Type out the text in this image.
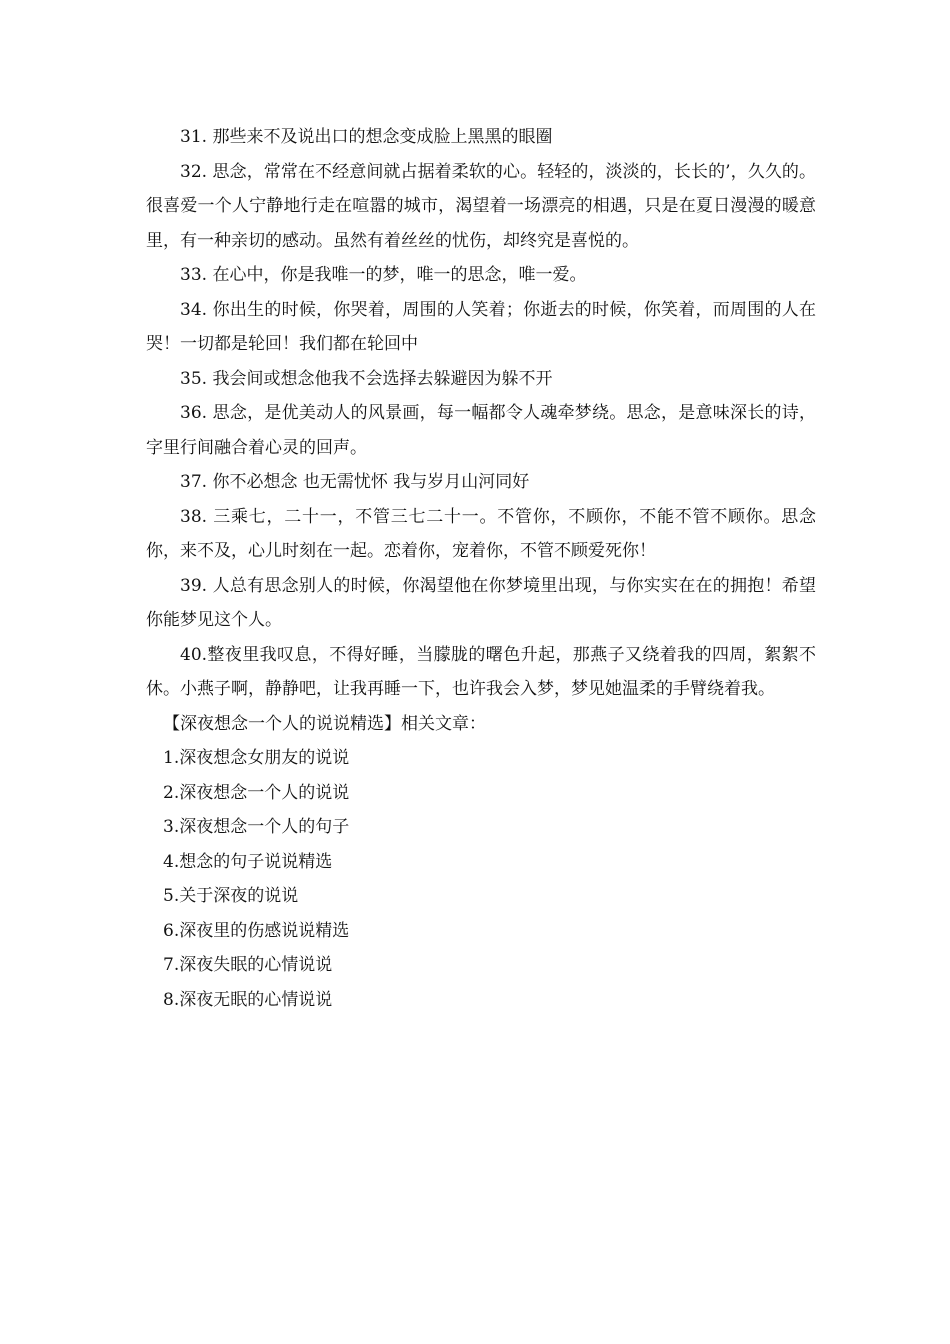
31. 那些来不及说出口的想念变成脸上黑黑的眼圈

32. 思念，常常在不经意间就占据着柔软的心。轻轻的，淡淡的，长长的’，久久的。很喜爱一个人宁静地行走在喧嚣的城市，渴望着一场漂亮的相遇，只是在夏日漫漫的暖意里，有一种亲切的感动。虽然有着丝丝的忧伤，却终究是喜悦的。

33. 在心中，你是我唯一的梦，唯一的思念，唯一爱。

34. 你出生的时候，你哭着，周围的人笑着；你逝去的时候，你笑着，而周围的人在哭！一切都是轮回！我们都在轮回中

35. 我会间或想念他我不会选择去躲避因为躲不开

36. 思念，是优美动人的风景画，每一幅都令人魂牵梦绕。思念，是意味深长的诗，字里行间融合着心灵的回声。

37. 你不必想念 也无需忧怀 我与岁月山河同好

38. 三乘七，二十一，不管三七二十一。不管你，不顾你，不能不管不顾你。思念你，来不及，心儿时刻在一起。恋着你，宠着你，不管不顾爱死你！

39. 人总有思念别人的时候，你渴望他在你梦境里出现，与你实实在在的拥抱！希望你能梦见这个人。

40.整夜里我叹息，不得好睡，当朦胧的曙色升起，那燕子又绕着我的四周，絮絮不休。小燕子啊，静静吧，让我再睡一下，也许我会入梦，梦见她温柔的手臂绕着我。

【深夜想念一个人的说说精选】相关文章：

1.深夜想念女朋友的说说
2.深夜想念一个人的说说
3.深夜想念一个人的句子
4.想念的句子说说精选
5.关于深夜的说说
6.深夜里的伤感说说精选
7.深夜失眠的心情说说
8.深夜无眠的心情说说
